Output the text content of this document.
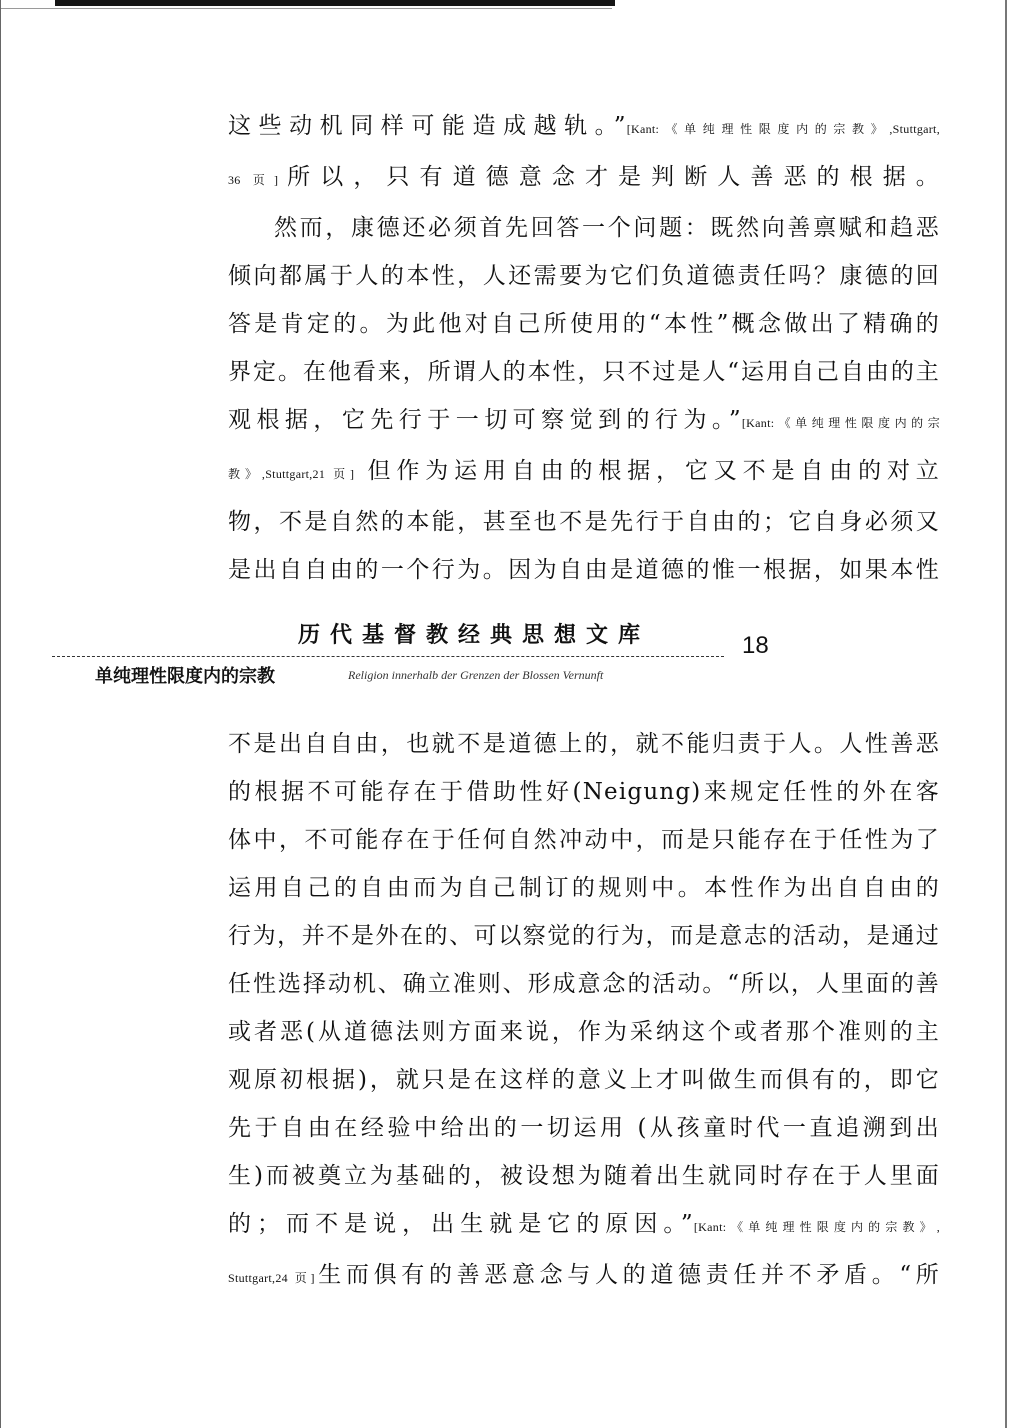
这些动机同样可能造成越轨。”[Kant:《单纯理性限度内的宗教》,Stuttgart,
36 页]所以，只有道德意念才是判断人善恶的根据。
然而，康德还必须首先回答一个问题：既然向善禀赋和趋恶
倾向都属于人的本性，人还需要为它们负道德责任吗？康德的回
答是肯定的。为此他对自己所使用的“本性”概念做出了精确的
界定。在他看来，所谓人的本性，只不过是人“运用自己自由的主
观根据，它先行于一切可察觉到的行为。”[Kant:《单纯理性限度内的宗
教》,Stuttgart,21 页] 但作为运用自由的根据，它又不是自由的对立
物，不是自然的本能，甚至也不是先行于自由的；它自身必须又
是出自自由的一个行为。因为自由是道德的惟一根据，如果本性
历代基督教经典思想文库	18
单纯理性限度内的宗教	Religion innerhalb der Grenzen der Blossen Vernunft
不是出自自由，也就不是道德上的，就不能归责于人。人性善恶
的根据不可能存在于借助性好(Neigung)来规定任性的外在客
体中，不可能存在于任何自然冲动中，而是只能存在于任性为了
运用自己的自由而为自己制订的规则中。本性作为出自自由的
行为，并不是外在的、可以察觉的行为，而是意志的活动，是通过
任性选择动机、确立准则、形成意念的活动。“所以，人里面的善
或者恶(从道德法则方面来说，作为采纳这个或者那个准则的主
观原初根据)，就只是在这样的意义上才叫做生而俱有的，即它
先于自由在经验中给出的一切运用 (从孩童时代一直追溯到出
生)而被奠立为基础的，被设想为随着出生就同时存在于人里面
的；而不是说，出生就是它的原因。”[Kant:《单纯理性限度内的宗教》,
Stuttgart,24 页]生而俱有的善恶意念与人的道德责任并不矛盾。“所
